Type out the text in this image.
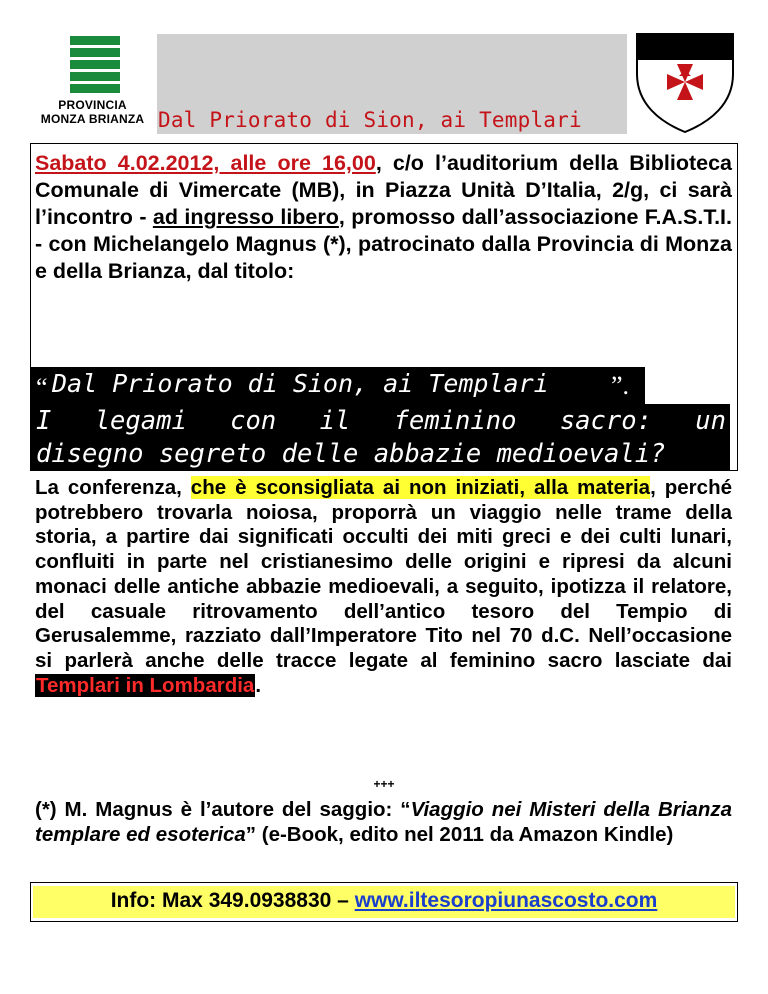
PROVINCIA
MONZA BRIANZA Dal Priorato di Sion, ai Templari
Sabato 4.02.2012, alle ore 16,00, c/o l’auditorium della Biblioteca Comunale di Vimercate (MB), in Piazza Unità D’Italia, 2/g, ci sarà l’incontro - ad ingresso libero, promosso dall’associazione F.A.S.T.I. - con Michelangelo Magnus (*), patrocinato dalla Provincia di Monza e della Brianza, dal titolo:
“ Dal Priorato di Sion, ai Templari ”.
I legami con il feminino sacro: un
disegno segreto delle abbazie medioevali?
La conferenza, che è sconsigliata ai non iniziati, alla materia, perché potrebbero trovarla noiosa, proporrà un viaggio nelle trame della storia, a partire dai significati occulti dei miti greci e dei culti lunari, confluiti in parte nel cristianesimo delle origini e ripresi da alcuni monaci delle antiche abbazie medioevali, a seguito, ipotizza il relatore, del casuale ritrovamento dell’antico tesoro del Tempio di Gerusalemme, razziato dall’Imperatore Tito nel 70 d.C. Nell’occasione si parlerà anche delle tracce legate al feminino sacro lasciate dai Templari in Lombardia.
+++
(*) M. Magnus è l’autore del saggio: “Viaggio nei Misteri della Brianza templare ed esoterica” (e-Book, edito nel 2011 da Amazon Kindle)
Info: Max 349.0938830 – www.iltesoropiunascosto.com
